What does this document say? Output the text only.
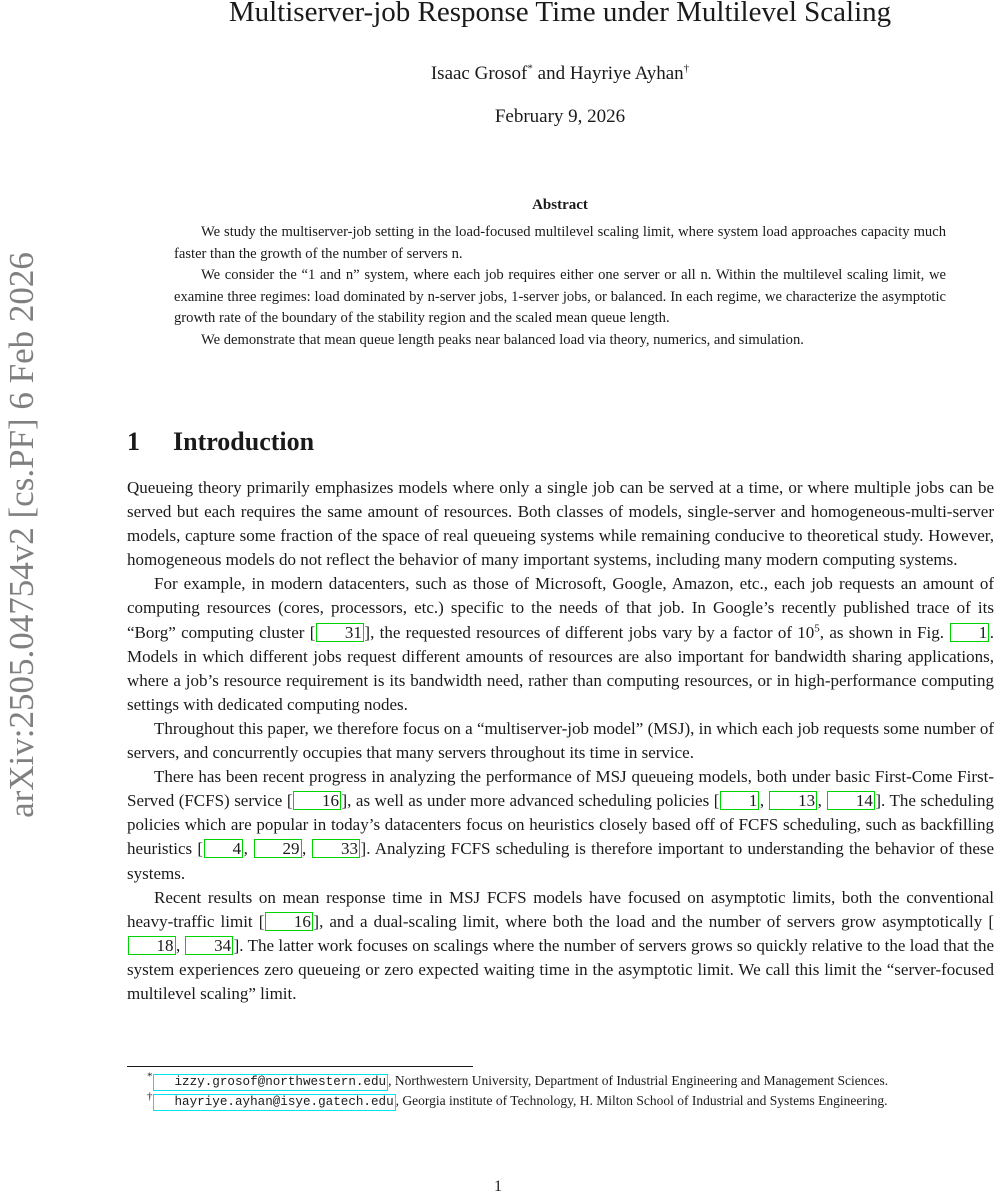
arXiv:2505.04754v2 [cs.PF] 6 Feb 2026
Multiserver-job Response Time under Multilevel Scaling
Isaac Grosof* and Hayriye Ayhan†
February 9, 2026
Abstract

We study the multiserver-job setting in the load-focused multilevel scaling limit, where system load approaches capacity much faster than the growth of the number of servers n.

We consider the “1 and n” system, where each job requires either one server or all n. Within the multilevel scaling limit, we examine three regimes: load dominated by n-server jobs, 1-server jobs, or balanced. In each regime, we characterize the asymptotic growth rate of the boundary of the stability region and the scaled mean queue length.

We demonstrate that mean queue length peaks near balanced load via theory, numerics, and simulation.

1 Introduction

Queueing theory primarily emphasizes models where only a single job can be served at a time, or where multiple jobs can be served but each requires the same amount of resources. Both classes of models, single-server and homogeneous-multi-server models, capture some fraction of the space of real queueing systems while remaining conducive to theoretical study. However, homogeneous models do not reflect the behavior of many important systems, including many modern computing systems.

For example, in modern datacenters, such as those of Microsoft, Google, Amazon, etc., each job requests an amount of computing resources (cores, processors, etc.) specific to the needs of that job. In Google’s recently published trace of its “Borg” computing cluster [ 31 ], the requested resources of different jobs vary by a factor of $10^5$, as shown in Fig. 1 . Models in which different jobs request different amounts of resources are also important for bandwidth sharing applications, where a job’s resource requirement is its bandwidth need, rather than computing resources, or in high-performance computing settings with dedicated computing nodes.

Throughout this paper, we therefore focus on a “multiserver-job model” (MSJ), in which each job requests some number of servers, and concurrently occupies that many servers throughout its time in service.

There has been recent progress in analyzing the performance of MSJ queueing models, both under basic First-Come First-Served (FCFS) service [ 16 ], as well as under more advanced scheduling policies [ 1 , 13 , 14 ]. The scheduling policies which are popular in today’s datacenters focus on heuristics closely based off of FCFS scheduling, such as backfilling heuristics [ 4 , 29 , 33 ]. Analyzing FCFS scheduling is therefore important to understanding the behavior of these systems.

Recent results on mean response time in MSJ FCFS models have focused on asymptotic limits, both the conventional heavy-traffic limit [ 16 ], and a dual-scaling limit, where both the load and the number of servers grow asymptotically [18 , 34 ]. The latter work focuses on scalings where the number of servers grows so quickly relative to the load that the system experiences zero queueing or zero expected waiting time in the asymptotic limit. We call this limit the “server-focused multilevel scaling” limit.

* izzy.grosof@northwestern.edu , Northwestern University, Department of Industrial Engineering and Management Sciences.

† hayriye.ayhan@isye.gatech.edu , Georgia institute of Technology, H. Milton School of Industrial and Systems Engineering.

1
